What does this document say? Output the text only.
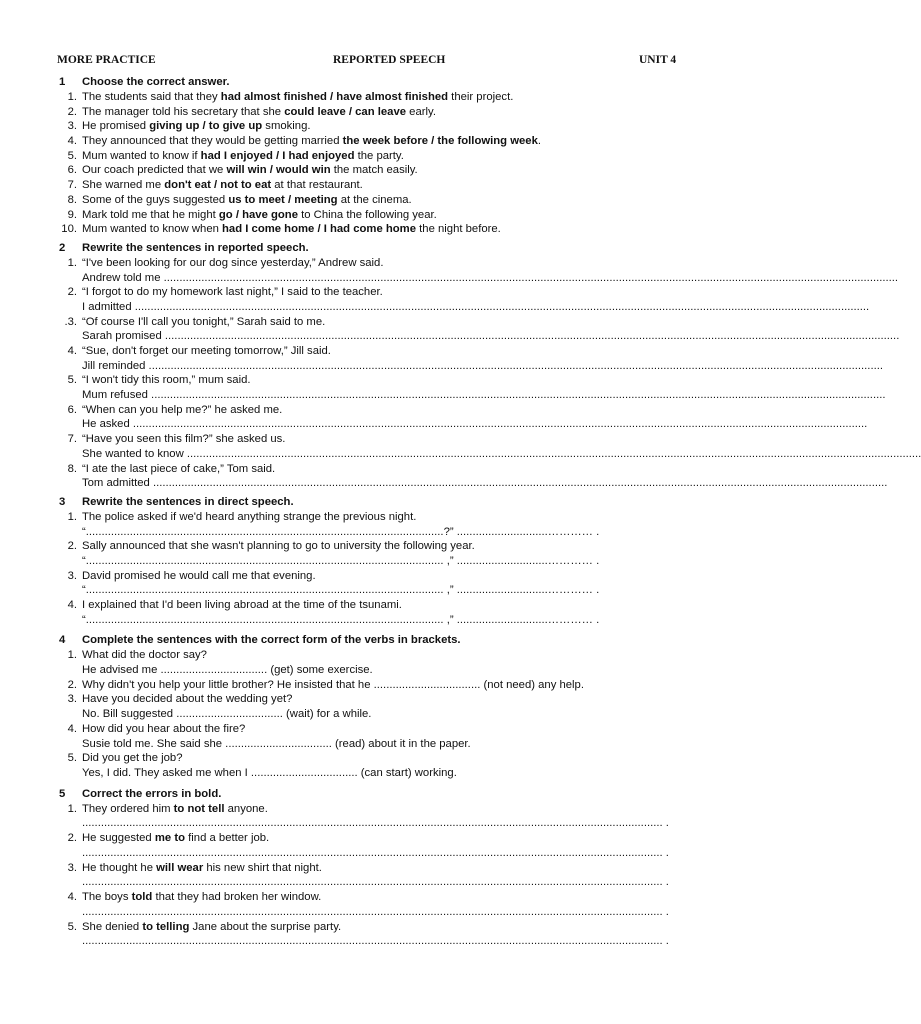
MORE PRACTICE	REPORTED SPEECH	UNIT 4
1	Choose the correct answer.
1. The students said that they had almost finished / have almost finished their project.
2. The manager told his secretary that she could leave / can leave early.
3. He promised giving up / to give up smoking.
4. They announced that they would be getting married the week before / the following week.
5. Mum wanted to know if had I enjoyed / I had enjoyed the party.
6. Our coach predicted that we will win / would win the match easily.
7. She warned me don't eat / not to eat at that restaurant.
8. Some of the guys suggested us to meet / meeting at the cinema.
9. Mark told me that he might go / have gone to China the following year.
10. Mum wanted to know when had I come home / I had come home the night before.
2	Rewrite the sentences in reported speech.
1. “I've been looking for our dog since yesterday,” Andrew said.
Andrew told me ..........................................................................................................................................................................................................................................
2. “I forgot to do my homework last night,” I said to the teacher.
I admitted ..........................................................................................................................................................................................................................................
.3. “Of course I'll call you tonight,” Sarah said to me.
Sarah promised ..........................................................................................................................................................................................................................................
4. “Sue, don't forget our meeting tomorrow,” Jill said.
Jill reminded ..........................................................................................................................................................................................................................................
5. “I won't tidy this room,” mum said.
Mum refused ..........................................................................................................................................................................................................................................
6. “When can you help me?” he asked me.
He asked ..........................................................................................................................................................................................................................................
7. “Have you seen this film?” she asked us.
She wanted to know ..........................................................................................................................................................................................................................................
8. “I ate the last piece of cake,” Tom said.
Tom admitted ..........................................................................................................................................................................................................................................
3	Rewrite the sentences in direct speech.
1. The police asked if we'd heard anything strange the previous night.
“..................................................................................................................?” .............................………… .
2. Sally announced that she wasn't planning to go to university the following year.
“.................................................................................................................. ,” .............................………… .
3. David promised he would call me that evening.
“.................................................................................................................. ,” .............................………… .
4. I explained that I'd been living abroad at the time of the tsunami.
“.................................................................................................................. ,” .............................………… .
4	Complete the sentences with the correct form of the verbs in brackets.
1. What did the doctor say?
He advised me .................................. (get) some exercise.
2. Why didn't you help your little brother? He insisted that he .................................. (not need) any help.
3. Have you decided about the wedding yet?
No. Bill suggested .................................. (wait) for a while.
4. How did you hear about the fire?
Susie told me. She said she .................................. (read) about it in the paper.
5. Did you get the job?
Yes, I did. They asked me when I .................................. (can start) working.
5	Correct the errors in bold.
1. They ordered him to not tell anyone.
......................................................................................................................................................................................... .
2. He suggested me to find a better job.
......................................................................................................................................................................................... .
3. He thought he will wear his new shirt that night.
......................................................................................................................................................................................... .
4. The boys told that they had broken her window.
......................................................................................................................................................................................... .
5. She denied to telling Jane about the surprise party.
......................................................................................................................................................................................... .
